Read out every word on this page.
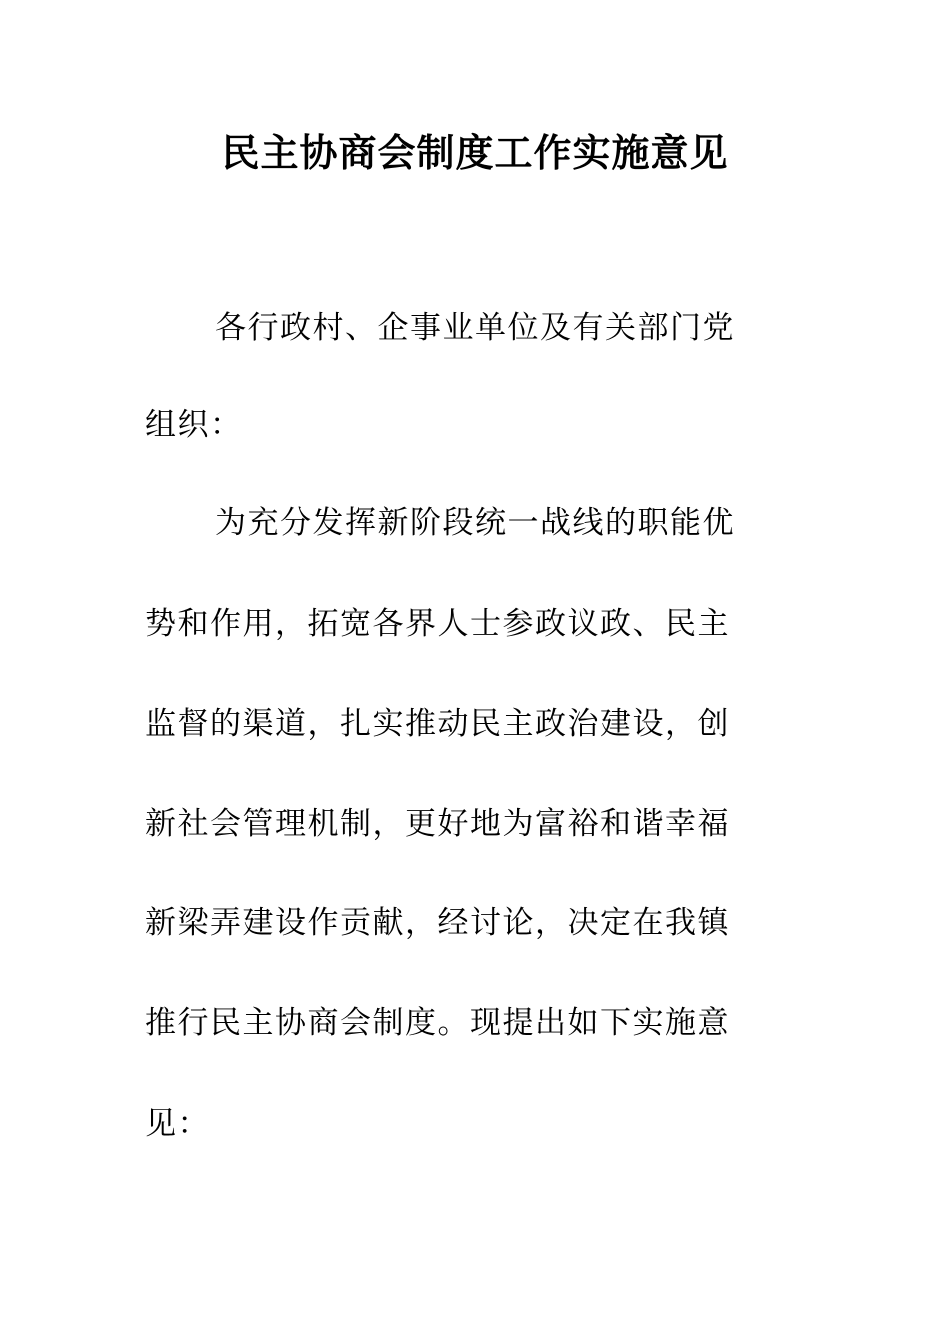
民主协商会制度工作实施意见
各行政村、企事业单位及有关部门党
组织：
为充分发挥新阶段统一战线的职能优
势和作用，拓宽各界人士参政议政、民主
监督的渠道，扎实推动民主政治建设，创
新社会管理机制，更好地为富裕和谐幸福
新梁弄建设作贡献，经讨论，决定在我镇
推行民主协商会制度。现提出如下实施意
见：
